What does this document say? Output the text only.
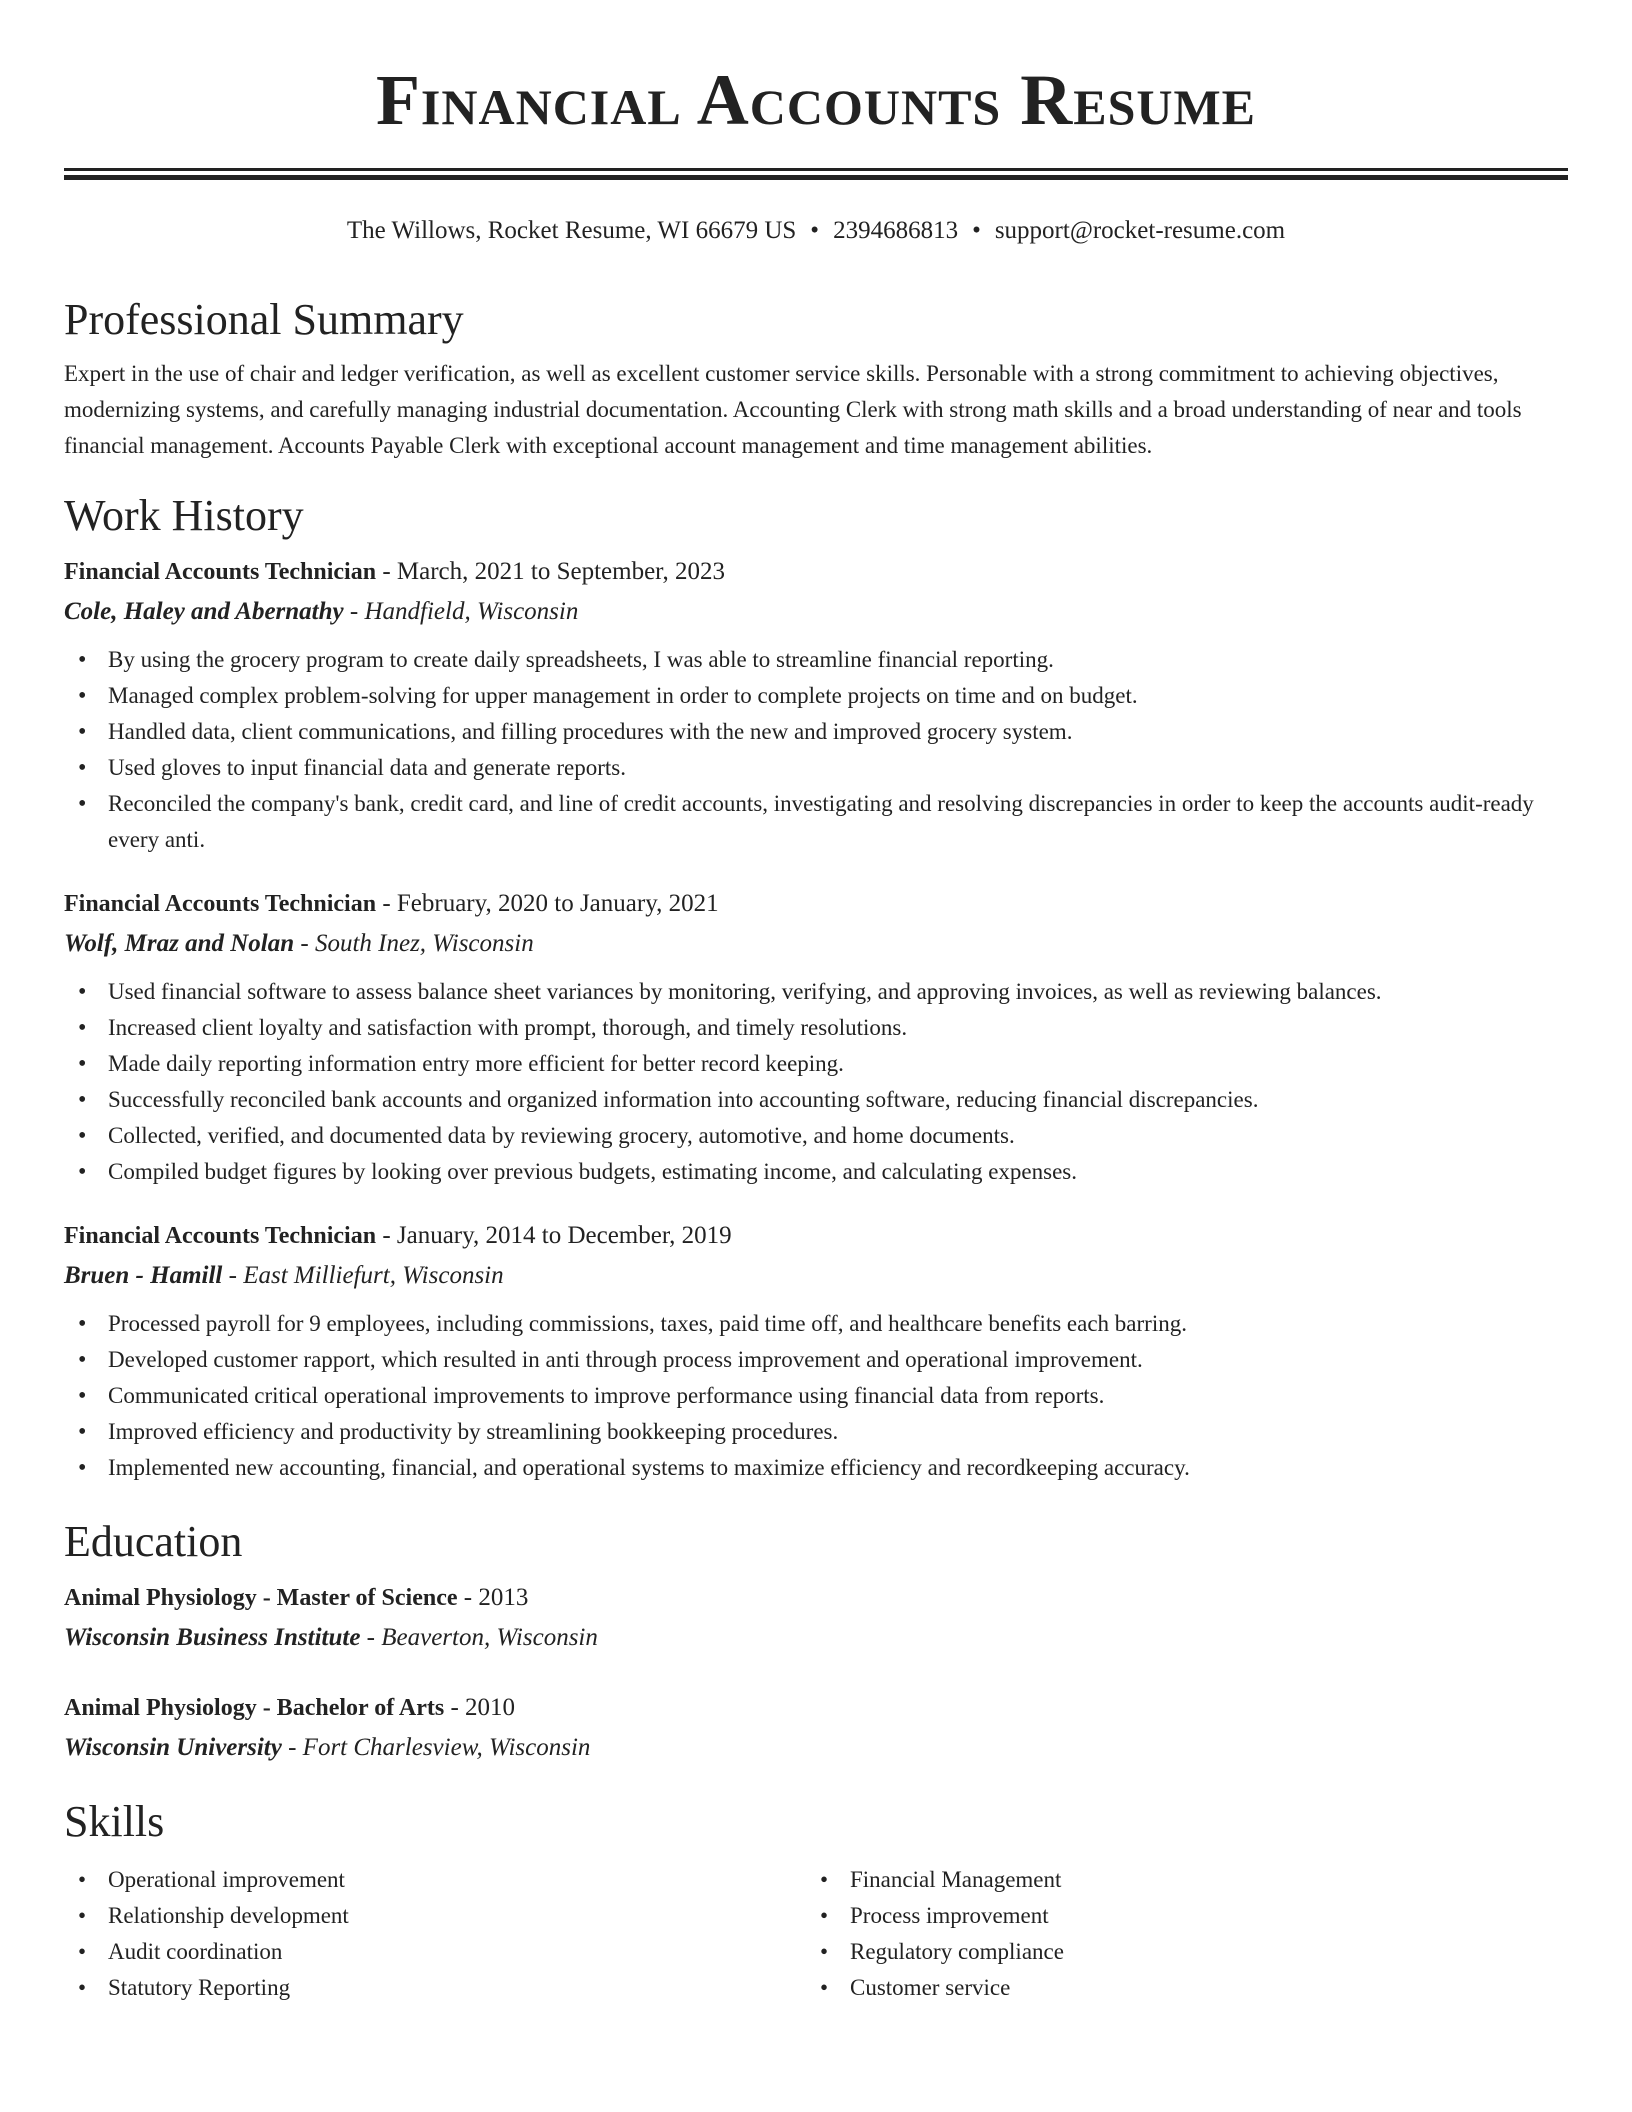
Financial Accounts Resume
The Willows, Rocket Resume, WI 66679 US • 2394686813 • support@rocket-resume.com
Professional Summary

Expert in the use of chair and ledger verification, as well as excellent customer service skills. Personable with a strong commitment to achieving objectives, modernizing systems, and carefully managing industrial documentation. Accounting Clerk with strong math skills and a broad understanding of near and tools financial management. Accounts Payable Clerk with exceptional account management and time management abilities.

Work History
Financial Accounts Technician - March, 2021 to September, 2023
Cole, Haley and Abernathy - Handfield, Wisconsin
• By using the grocery program to create daily spreadsheets, I was able to streamline financial reporting.
• Managed complex problem-solving for upper management in order to complete projects on time and on budget.
• Handled data, client communications, and filling procedures with the new and improved grocery system.
• Used gloves to input financial data and generate reports.
• Reconciled the company's bank, credit card, and line of credit accounts, investigating and resolving discrepancies in order to keep the accounts audit-ready every anti.
Financial Accounts Technician - February, 2020 to January, 2021
Wolf, Mraz and Nolan - South Inez, Wisconsin
• Used financial software to assess balance sheet variances by monitoring, verifying, and approving invoices, as well as reviewing balances.
• Increased client loyalty and satisfaction with prompt, thorough, and timely resolutions.
• Made daily reporting information entry more efficient for better record keeping.
• Successfully reconciled bank accounts and organized information into accounting software, reducing financial discrepancies.
• Collected, verified, and documented data by reviewing grocery, automotive, and home documents.
• Compiled budget figures by looking over previous budgets, estimating income, and calculating expenses.
Financial Accounts Technician - January, 2014 to December, 2019
Bruen - Hamill - East Milliefurt, Wisconsin
• Processed payroll for 9 employees, including commissions, taxes, paid time off, and healthcare benefits each barring.
• Developed customer rapport, which resulted in anti through process improvement and operational improvement.
• Communicated critical operational improvements to improve performance using financial data from reports.
• Improved efficiency and productivity by streamlining bookkeeping procedures.
• Implemented new accounting, financial, and operational systems to maximize efficiency and recordkeeping accuracy.
Education
Animal Physiology - Master of Science - 2013
Wisconsin Business Institute - Beaverton, Wisconsin
Animal Physiology - Bachelor of Arts - 2010
Wisconsin University - Fort Charlesview, Wisconsin
Skills
• Operational improvement
• Relationship development
• Audit coordination
• Statutory Reporting
• Financial Management
• Process improvement
• Regulatory compliance
• Customer service
